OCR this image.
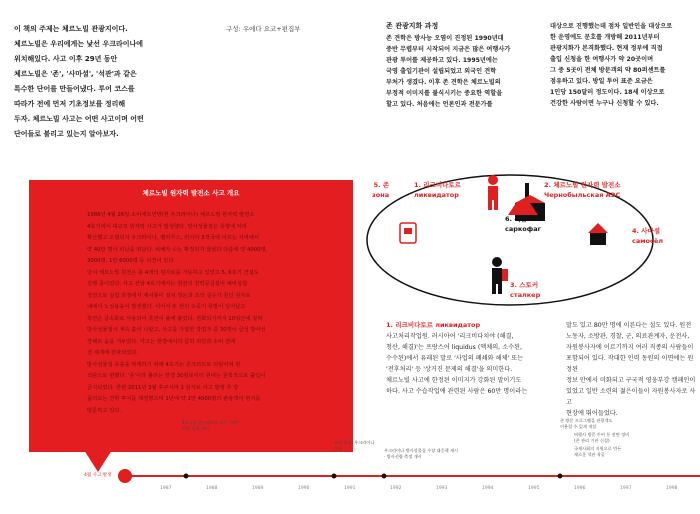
이 책의 주제는 체르노빌 관광지이다.
체르노빌은 우리에게는 낯선 우크라이나에
위치해있다. 사고 이후 29년 동안
체르노빌은 '존', '사마셜', '석관'과 같은
특수한 단어를 만들어냈다. 투어 코스를
따라가 전에 먼저 기초정보를 정리해
두자. 체르노빌 사고는 어떤 사고이며 어떤
단어들로 불리고 있는지 알아보자.
구성: 우에다 요코+편집부	존 관광지화 과정
존 견학은 방사능 오염이 진정된 1990년대
중반 무렵부터 시작되어 지금은 많은 여행사가
관광 투어를 제공하고 있다. 1995년에는
국영 출입기관이 설립되었고 외국인 견학
부처가 생겼다. 이후 존 견학은 체르노빌의
부정적 이미지를 불식시키는 중요한 역할을
할고 있다. 처음에는 언론인과 전문가를
대상으로 진행했는데 점차 일반인을 대상으로
한 운영에도 문호를 개방해 2011년부터
관광지화가 본격화했다. 현재 정부에 직접
출입 신청을 한 여행사가 약 20곳이며
그 중 5곳이 전체 방문객의 약 80퍼센트를
점유하고 있다. 방일 투어 표준 요금은
1인당 150달러 정도이다. 18세 이상으로
건강한 사람이면 누구나 신청할 수 있다.
체르노빌 원자력 발전소 사고 개요
1986년 4월 26일 소비에트연방(현 우크라이나) 체르노빌 원자력 발전소
4호기에서 대규모 원자력 사고가 발생했다. 방사성물질은 풍향에 따라
확산했고 오염되지 우크라이나, 벨라루스, 러시아 3개국에 이르는 지역에서
약 40만 명이 피난을 떠났다. 피해자 수는 확정되지 않았다 다름에 약 4000명,
3000명, 1만 6000명 등 의견이 있다.
당시 체르노빌 원전은 총 4개의 원자로를 가동하고 있었고 5, 6호기 건설도
진행 중이었다. 사고 전날 4호기에서는 원전의 전력공급설비 예비실험
정전으로 실험 과정에서 제어봉이 설치 정돈과 조작 실수가 원인 원자로
내에서 노심용융이 발생했다. 이어서 두 번의 수증기 폭발이 일어났고
흑연은 급속화로 사용되어 흑연이 불에 붙었다. 전화되기까지 10일간에 걸쳐
방사성물질이 계속 흩어 나왔고, 사고를 가열한 작업자 중 30명이 급성 방사선
장해로 숨을 거두었다. 사고는 현장에서의 급히 외단과 소비 전에
전 세계에 전파되었다.
방사성물질 유출을 막게하기 위해 4호기는 콘크리트로 뒤덮어져 된
석관으로 변했다. '존'이라 불리는 반경 30킬로미터 원내는 원칙적으로 출입이
금지되었다. 한편 2011년 3월 후쿠시마 1 원자로 사고 발행 후 방
플러보는 견학 투어를 재정했으며 1년에 약 1만 4000명의 관광객이 현지를
방문하고 있다.
5. 존
зона
1. 리크비다토르
ликвидатор
2. 체르노빌 원자력 발전소
Чернобыльская АЭС
6. 석관
саркофаг	4. 사마셜
самосёл
3. 스토커
сталкер
1. 리크비다토르 ликвидатор
사고처리작업원. 러시아어 '리크비다치야 (해결,
청산, 해결)'는 프랑스어 liquidus (액체의, 소수된,
수수된)에서 유래된 말로 '사업의 폐쇄와 해체' 또는
'전후처리' 등 '상거진 문제의 해결'을 의미한다.
체르노빌 사고에 한정된 이미지가 강화된 말이기도
하다. 사고 수습작업에 관련된 사람은 60만 명이라는
말도 있고 80만 명에 이른다는 설도 있다. 원전
노동자, 소방관, 경찰, 군, 의료관계자, 운전사,
자원봉사자에 이르기까지 여러 직종의 사람들이
포함되어 있다. 작대한 인력 동원의 이면에는 원정된
정보 안에서 미화되고 구국적 영웅부강 캠페인이
있었고 일반 소련의 젊은이들이 자원봉사자로 사고
현장에 뛰어들었다.
4월 사고 발생
1987	1988	1989	1990	1991	1992	1993	1994	1995	1996	1997	1998
4호기를 콘크리트로 덮는 '석관'
건설 작업 개시
소련 붕괴, 우크라이나
독립	우크라이나 방사성물질 수장 대응책 개시
· 방사선량 측정 개시
존 방문 프로그램을 관광객도
이용할 수 있게 개설
여행사 방문 투어 등 전면 정비
(존 관리 기관 신설)
국제사회의 지원으로 만든
새로운 석관 착공
